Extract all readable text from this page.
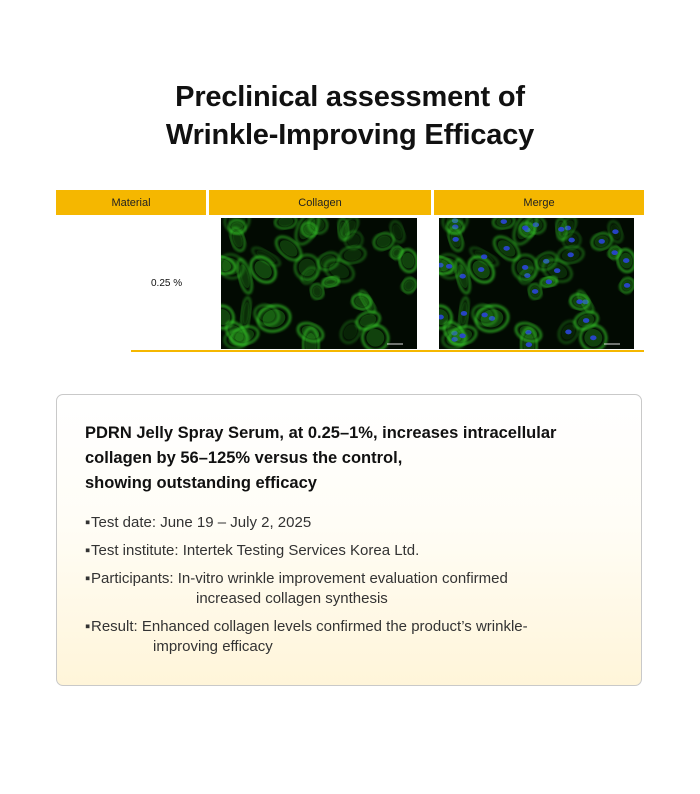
Preclinical assessment of
Wrinkle-Improving Efficacy
Material	Collagen	Merge
0.25 %
PDRN Jelly Spray Serum, at 0.25–1%, increases intracellular
collagen by 56–125% versus the control,
showing outstanding efficacy
▪Test date: June 19 – July 2, 2025
▪Test institute: Intertek Testing Services Korea Ltd.
▪Participants: In-vitro wrinkle improvement evaluation confirmed
increased collagen synthesis
▪Result: Enhanced collagen levels confirmed the product’s wrinkle-
improving efficacy
